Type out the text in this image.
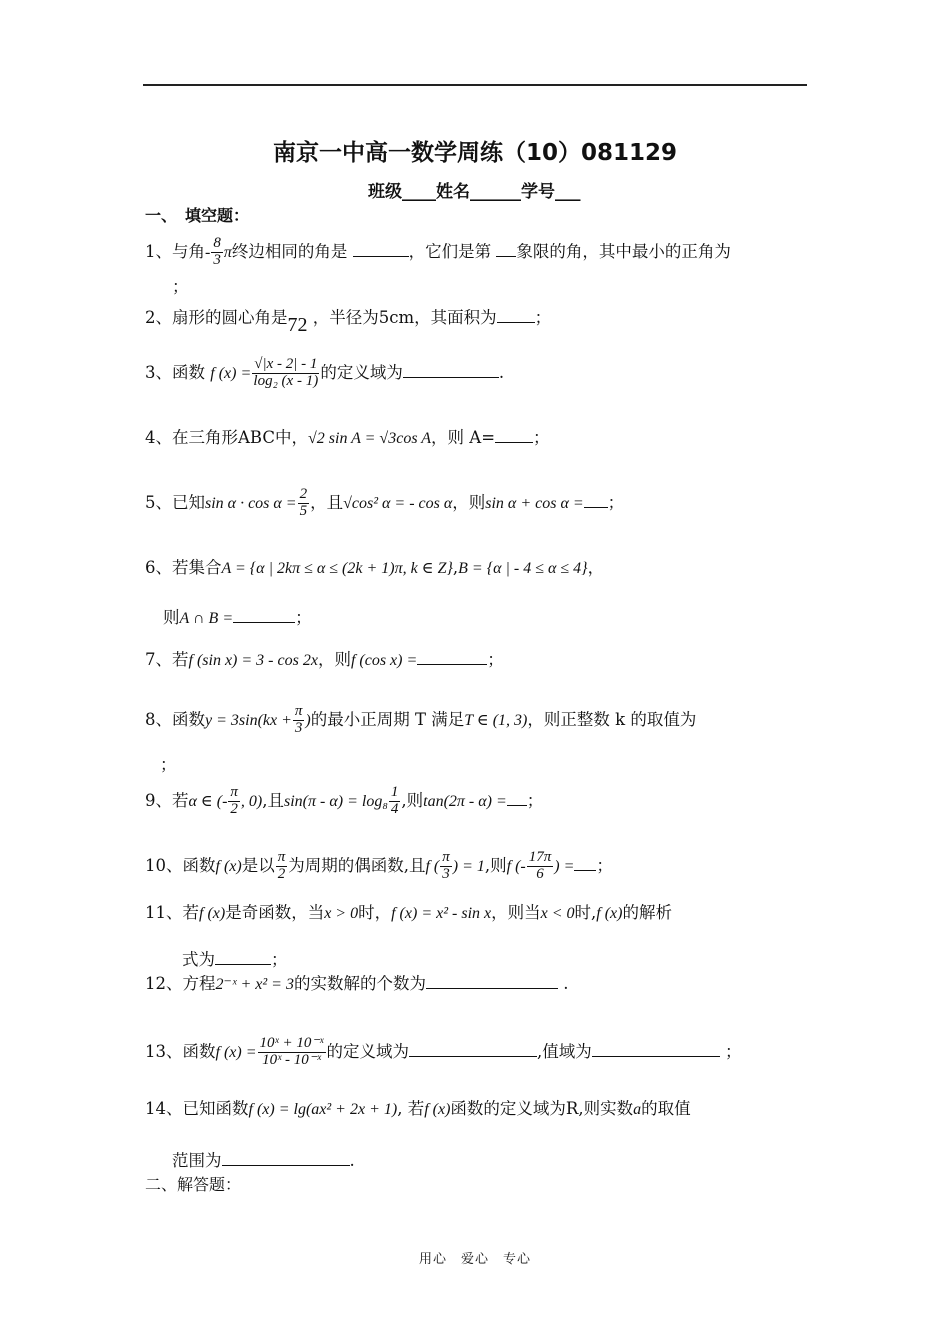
南京一中高一数学周练（10）081129
班级____姓名______学号___
一、　填空题：
1、与角- $\frac{8}{3}$ π终边相同的角是	，它们是第 象限的角，其中最小的正角为
；
2、扇形的圆心角是72 ，半径为5cm，其面积为 ；
3、函数 f $(x) = \frac{√|x - 2| - 1}{\text{log₂ (x - 1)}}$ 的定义域为	.
4、在三角形ABC中，√2 sin A = √3cos A，则 A= ；
5、已知$\sin \alpha \cdot \cos \alpha = \frac{2}{5}$ ，且√cos² α = - cos α，则sin α + cos α = ；
6、若集合A = {α | 2kπ ≤ α ≤ (2k + 1)π, k ∈ Z},B = {α | - 4 ≤ α ≤ 4}，
则A ∩ B =	；
7、若f (sin x) = 3 - cos 2x，则f (cos x) =	；
8、函数$y = 3\sin(kx + \frac{\pi}{3}$ )的最小正周期 T 满足T ∈ (1, 3)，则正整数 k 的取值为
；
9、若α ∈ (- $\frac{\pi}{2}$ , 0),且$\sin(\pi - \alpha) = \log_8 \frac{1}{4}$ ,则tan(2π - α) = ；
10、函数f (x)是以 $\frac{\pi}{2}$ 为周期的偶函数,且f ( $\frac{\pi}{3}$ ) = 1,则f (- $\frac{17\pi}{6}$ ) = ；
11、若f (x)是奇函数，当x > 0时，f (x) = x² - sin x，则当x < 0时,f (x)的解析
式为	；
12、方程2⁻ˣ + x² = 3的实数解的个数为	.
13、函数f $(x) = \frac{\text{10ˣ + 10⁻ˣ}}{\text{10ˣ - 10⁻ˣ}}$ 的定义域为	,值域为	；
14、已知函数f (x) = lg(ax² + 2x + 1), 若f (x)函数的定义域为R,则实数a的取值
范围为	.
二、解答题：
用心　爱心　专心
